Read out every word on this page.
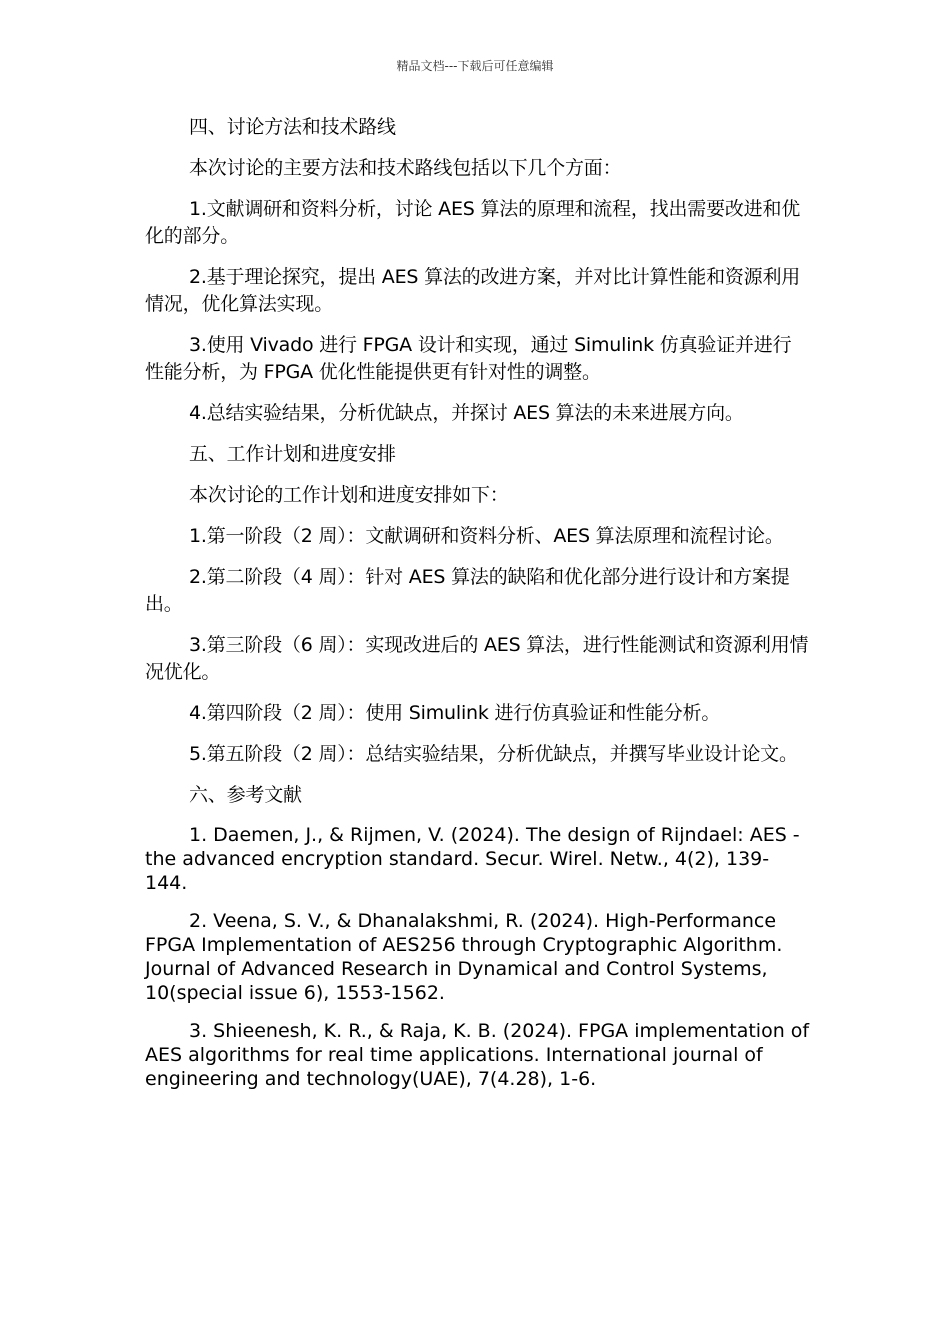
精品文档---下载后可任意编辑

四、讨论方法和技术路线

本次讨论的主要方法和技术路线包括以下几个方面：

1.文献调研和资料分析，讨论 AES 算法的原理和流程，找出需要改进和优化的部分。

2.基于理论探究，提出 AES 算法的改进方案，并对比计算性能和资源利用情况，优化算法实现。

3.使用 Vivado 进行 FPGA 设计和实现，通过 Simulink 仿真验证并进行性能分析，为 FPGA 优化性能提供更有针对性的调整。

4.总结实验结果，分析优缺点，并探讨 AES 算法的未来进展方向。

五、工作计划和进度安排

本次讨论的工作计划和进度安排如下：

1.第一阶段（2 周）：文献调研和资料分析、AES 算法原理和流程讨论。

2.第二阶段（4 周）：针对 AES 算法的缺陷和优化部分进行设计和方案提出。

3.第三阶段（6 周）：实现改进后的 AES 算法，进行性能测试和资源利用情况优化。

4.第四阶段（2 周）：使用 Simulink 进行仿真验证和性能分析。

5.第五阶段（2 周）：总结实验结果，分析优缺点，并撰写毕业设计论文。

六、参考文献

1. Daemen, J., & Rijmen, V. (2024). The design of Rijndael: AES - the advanced encryption standard. Secur. Wirel. Netw., 4(2), 139-144.

2. Veena, S. V., & Dhanalakshmi, R. (2024). High-Performance FPGA Implementation of AES256 through Cryptographic Algorithm. Journal of Advanced Research in Dynamical and Control Systems, 10(special issue 6), 1553-1562.

3. Shieenesh, K. R., & Raja, K. B. (2024). FPGA implementation of AES algorithms for real time applications. International journal of engineering and technology(UAE), 7(4.28), 1-6.
